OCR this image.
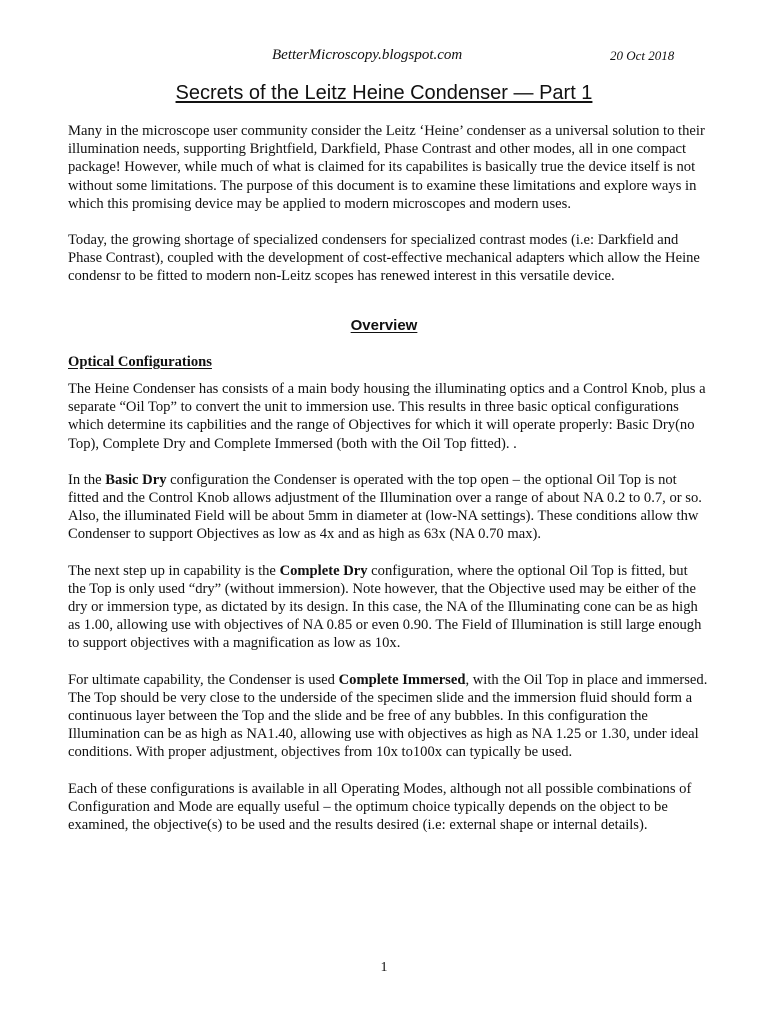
BetterMicroscopy.blogspot.com	20 Oct 2018
Secrets of the Leitz Heine Condenser — Part 1

Many in the microscope user community consider the Leitz ‘Heine’ condenser as a universal solution to their illumination needs, supporting Brightfield, Darkfield, Phase Contrast and other modes, all in one compact package! However, while much of what is claimed for its capabilites is basically true the device itself is not without some limitations. The purpose of this document is to examine these limitations and explore ways in which this promising device may be applied to modern microscopes and modern uses.

Today, the growing shortage of specialized condensers for specialized contrast modes (i.e: Darkfield and Phase Contrast), coupled with the development of cost-effective mechanical adapters which allow the Heine condensr to be fitted to modern non-Leitz scopes has renewed interest in this versatile device.

Overview
Optical Configurations

The Heine Condenser has consists of a main body housing the illuminating optics and a Control Knob, plus a separate “Oil Top” to convert the unit to immersion use. This results in three basic optical configurations which determine its capbilities and the range of Objectives for which it will operate properly: Basic Dry(no Top), Complete Dry and Complete Immersed (both with the Oil Top fitted). .

In the Basic Dry configuration the Condenser is operated with the top open – the optional Oil Top is not fitted and the Control Knob allows adjustment of the Illumination over a range of about NA 0.2 to 0.7, or so. Also, the illuminated Field will be about 5mm in diameter at (low-NA settings). These conditions allow thw Condenser to support Objectives as low as 4x and as high as 63x (NA 0.70 max).

The next step up in capability is the Complete Dry configuration, where the optional Oil Top is fitted, but the Top is only used “dry” (without immersion). Note however, that the Objective used may be either of the dry or immersion type, as dictated by its design. In this case, the NA of the Illuminating cone can be as high as 1.00, allowing use with objectives of NA 0.85 or even 0.90. The Field of Illumination is still large enough to support objectives with a magnification as low as 10x.

For ultimate capability, the Condenser is used Complete Immersed, with the Oil Top in place and immersed. The Top should be very close to the underside of the specimen slide and the immersion fluid should form a continuous layer between the Top and the slide and be free of any bubbles. In this configuration the Illumination can be as high as NA1.40, allowing use with objectives as high as NA 1.25 or 1.30, under ideal conditions. With proper adjustment, objectives from 10x to100x can typically be used.

Each of these configurations is available in all Operating Modes, although not all possible combinations of Configuration and Mode are equally useful – the optimum choice typically depends on the object to be examined, the objective(s) to be used and the results desired (i.e: external shape or internal details).

1
